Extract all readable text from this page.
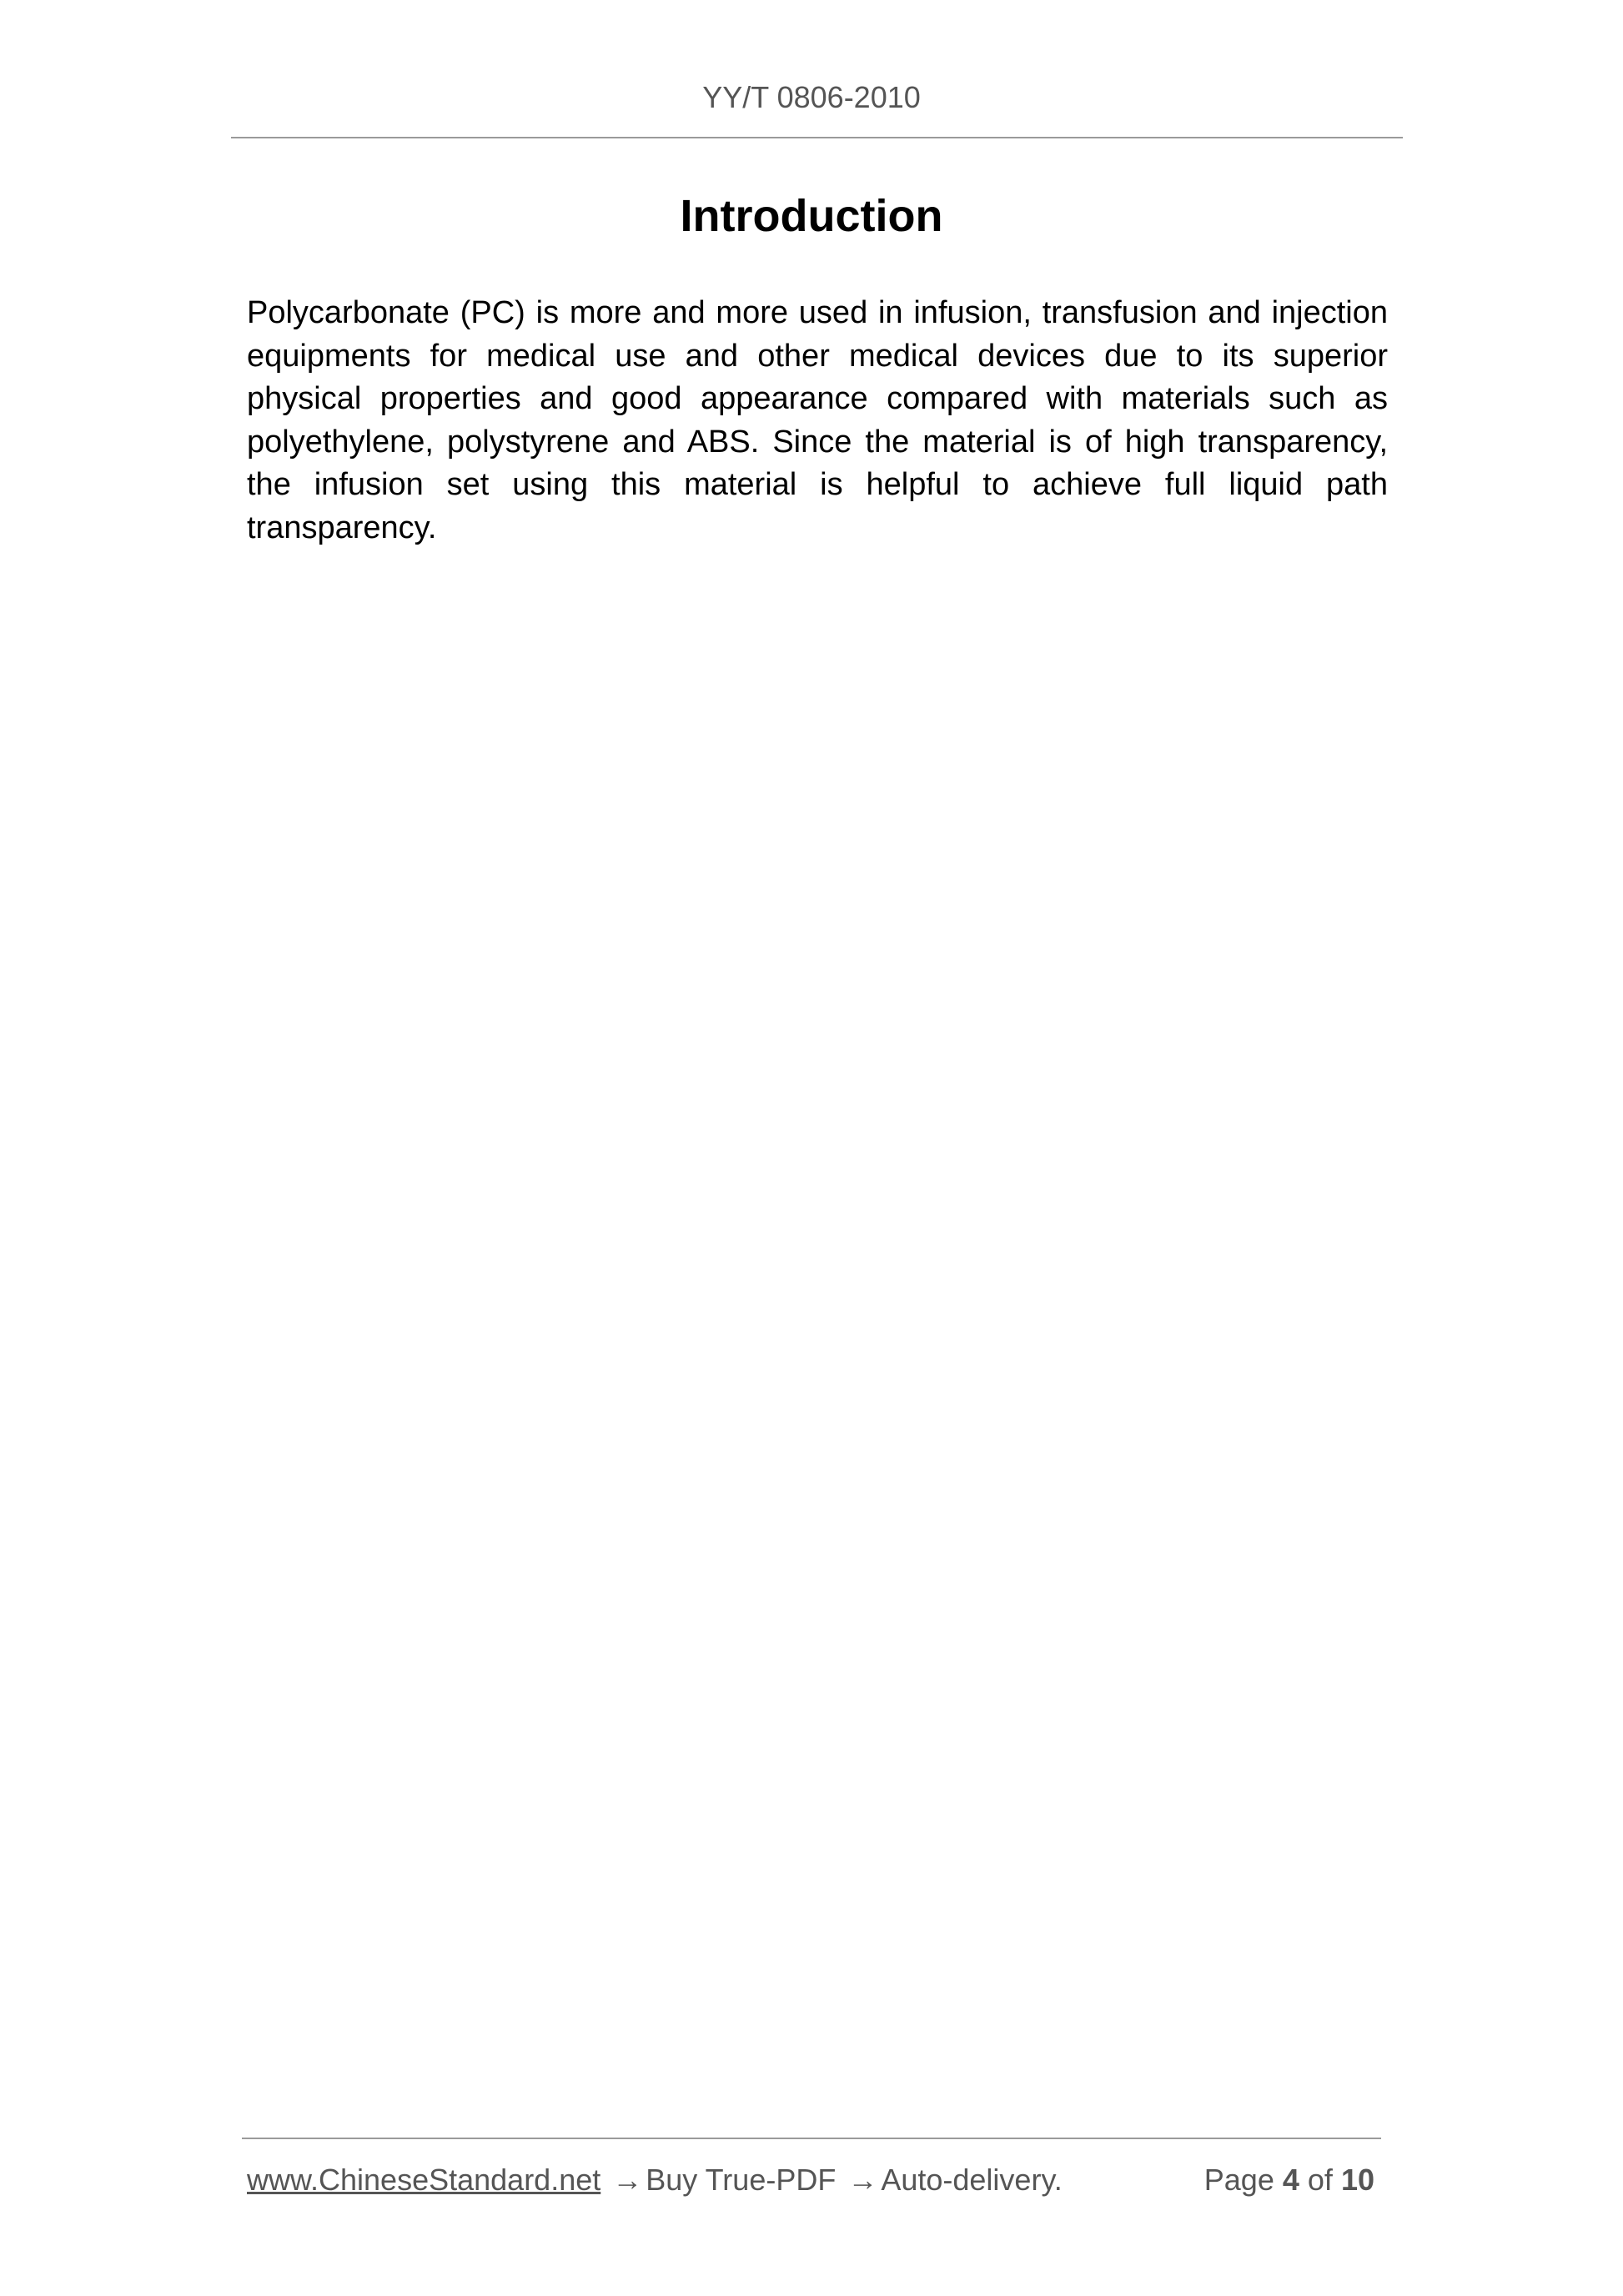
YY/T 0806-2010
Introduction

Polycarbonate (PC) is more and more used in infusion, transfusion and injection equipments for medical use and other medical devices due to its superior physical properties and good appearance compared with materials such as polyethylene, polystyrene and ABS. Since the material is of high transparency, the infusion set using this material is helpful to achieve full liquid path transparency.

www.ChineseStandard.net → Buy True-PDF → Auto-delivery.	Page 4 of 10
